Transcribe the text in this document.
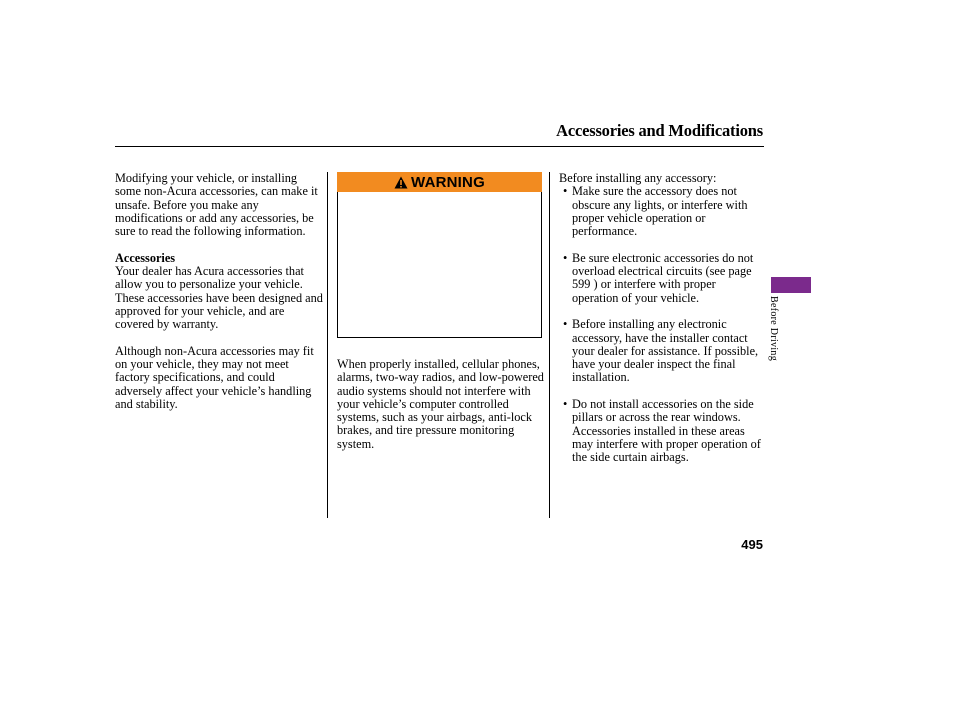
Accessories and Modifications

Modifying your vehicle, or installing some non-Acura accessories, can make it unsafe. Before you make any modifications or add any accessories, be sure to read the following information.

Accessories

Your dealer has Acura accessories that allow you to personalize your vehicle. These accessories have been designed and approved for your vehicle, and are covered by warranty.

Although non-Acura accessories may fit on your vehicle, they may not meet factory specifications, and could adversely affect your vehicle’s handling and stability.

WARNING

When properly installed, cellular phones, alarms, two-way radios, and low-powered audio systems should not interfere with your vehicle’s computer controlled systems, such as your airbags, anti-lock brakes, and tire pressure monitoring system.

Before installing any accessory:

• Make sure the accessory does not obscure any lights, or interfere with proper vehicle operation or performance.
• Be sure electronic accessories do not overload electrical circuits (see page 599 ) or interfere with proper operation of your vehicle.
• Before installing any electronic accessory, have the installer contact your dealer for assistance. If possible, have your dealer inspect the final installation.
• Do not install accessories on the side pillars or across the rear windows. Accessories installed in these areas may interfere with proper operation of the side curtain airbags.
Before Driving
495
